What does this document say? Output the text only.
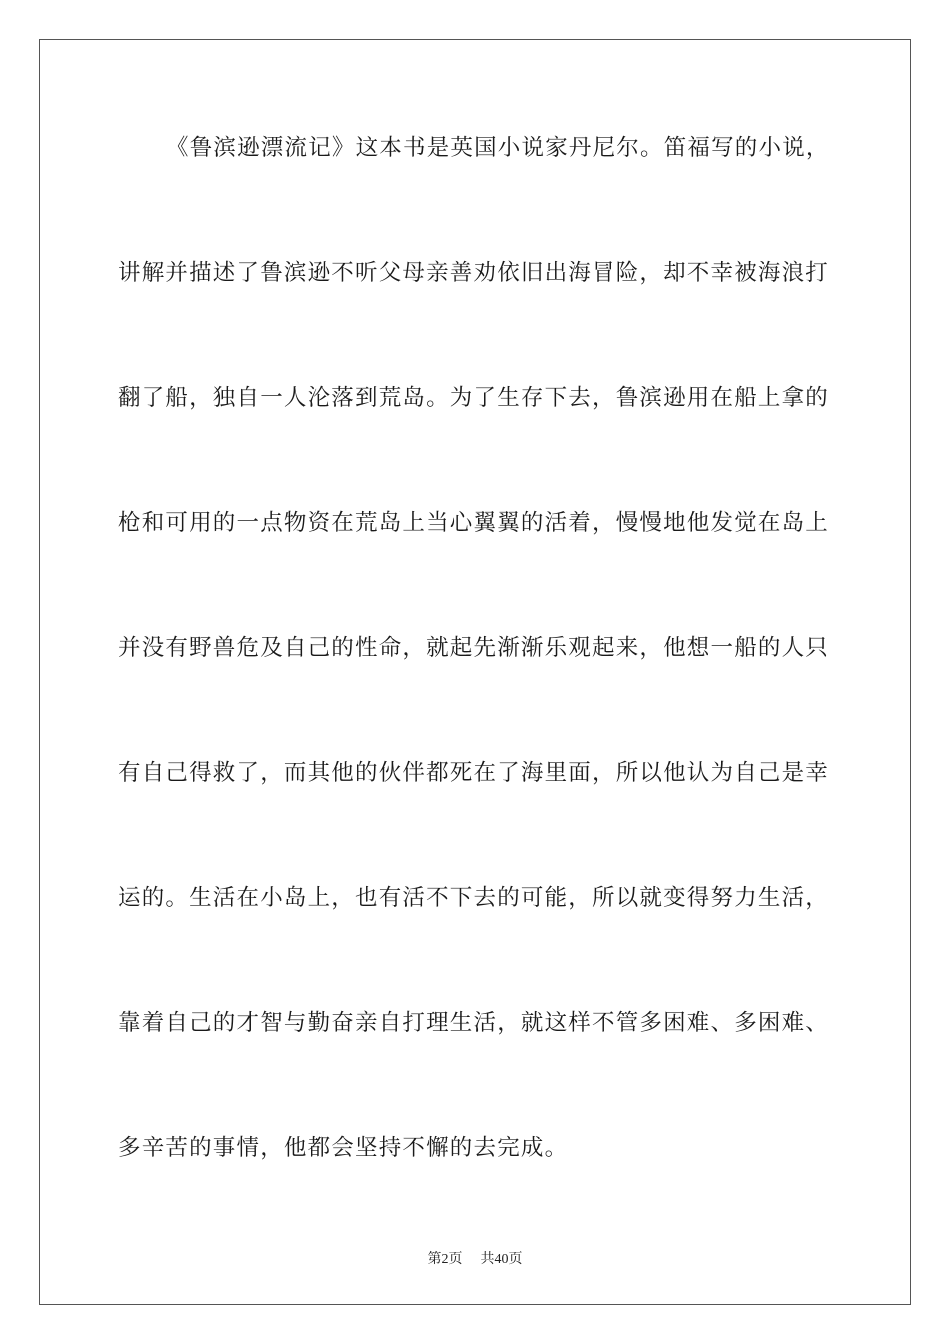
《鲁滨逊漂流记》这本书是英国小说家丹尼尔。笛福写的小说，
讲解并描述了鲁滨逊不听父母亲善劝依旧出海冒险，却不幸被海浪打
翻了船，独自一人沦落到荒岛。为了生存下去，鲁滨逊用在船上拿的
枪和可用的一点物资在荒岛上当心翼翼的活着，慢慢地他发觉在岛上
并没有野兽危及自己的性命，就起先渐渐乐观起来，他想一船的人只
有自己得救了，而其他的伙伴都死在了海里面，所以他认为自己是幸
运的。生活在小岛上，也有活不下去的可能，所以就变得努力生活，
靠着自己的才智与勤奋亲自打理生活，就这样不管多困难、多困难、
多辛苦的事情，他都会坚持不懈的去完成。
第2页 共40页
